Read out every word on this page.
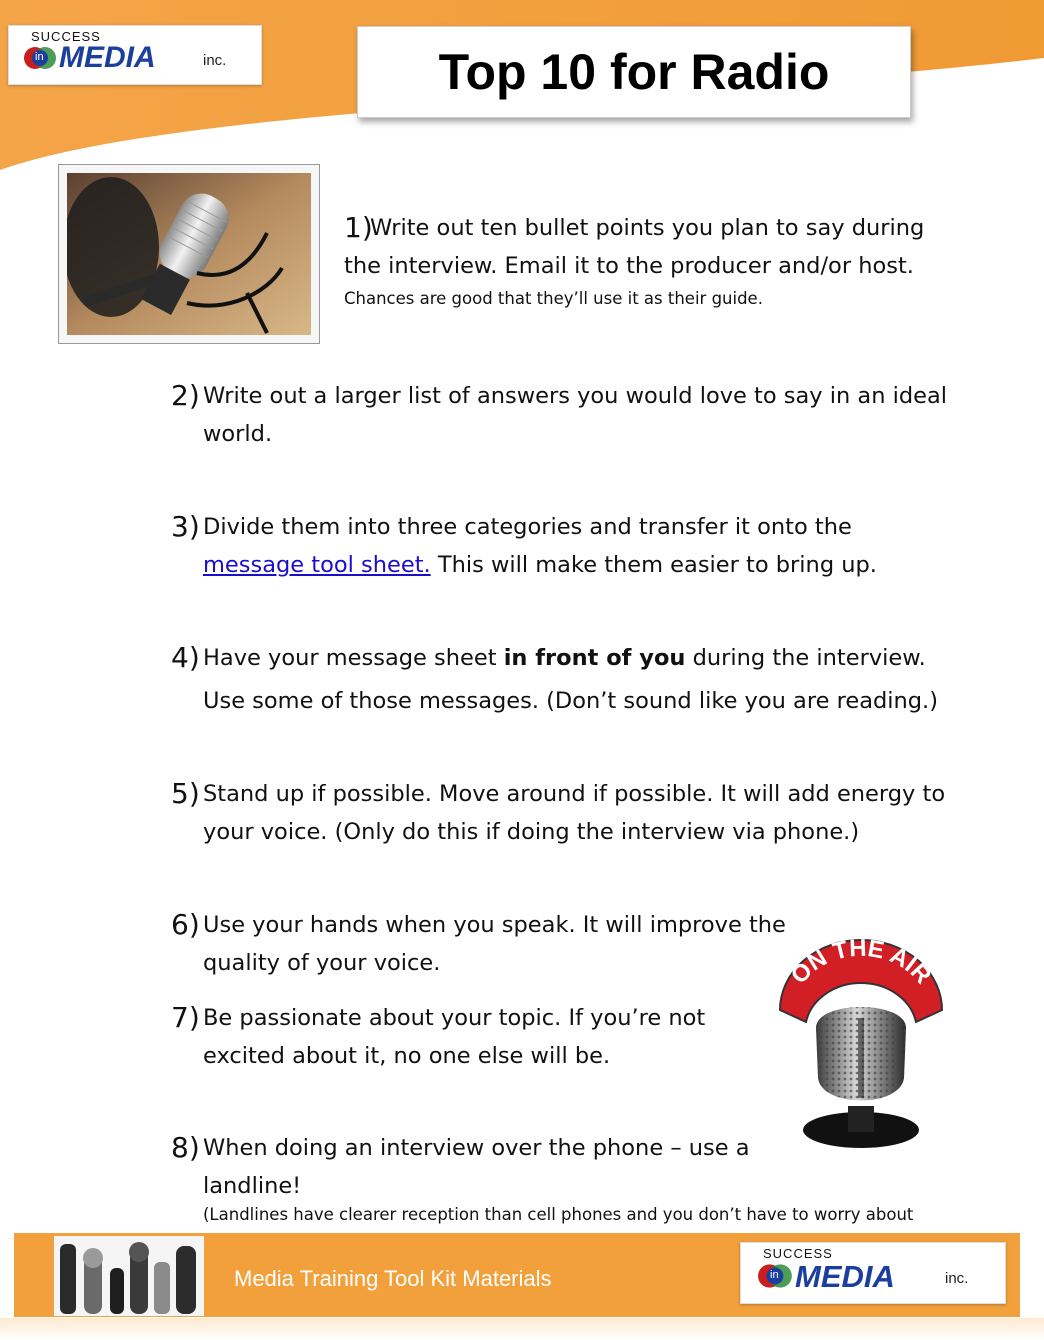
SUCCESS
in MEDIA	inc.	Top 10 for Radio
1)
Write out ten bullet points you plan to say during
the interview. Email it to the producer and/or host.
Chances are good that they’ll use it as their guide.
2) Write out a larger list of answers you would love to say in an ideal
world.
3) Divide them into three categories and transfer it onto the
message tool sheet. This will make them easier to bring up.
4) Have your message sheet in front of you during the interview.
Use some of those messages. (Don’t sound like you are reading.)
5) Stand up if possible. Move around if possible. It will add energy to
your voice. (Only do this if doing the interview via phone.)
6) Use your hands when you speak. It will improve the
quality of your voice.
7) Be passionate about your topic. If you’re not
excited about it, no one else will be.
8) When doing an interview over the phone – use a
landline!
(Landlines have clearer reception than cell phones and you don’t have to worry about
ON THE AIR
Media Training Tool Kit Materials
SUCCESS
in MEDIA	inc.
